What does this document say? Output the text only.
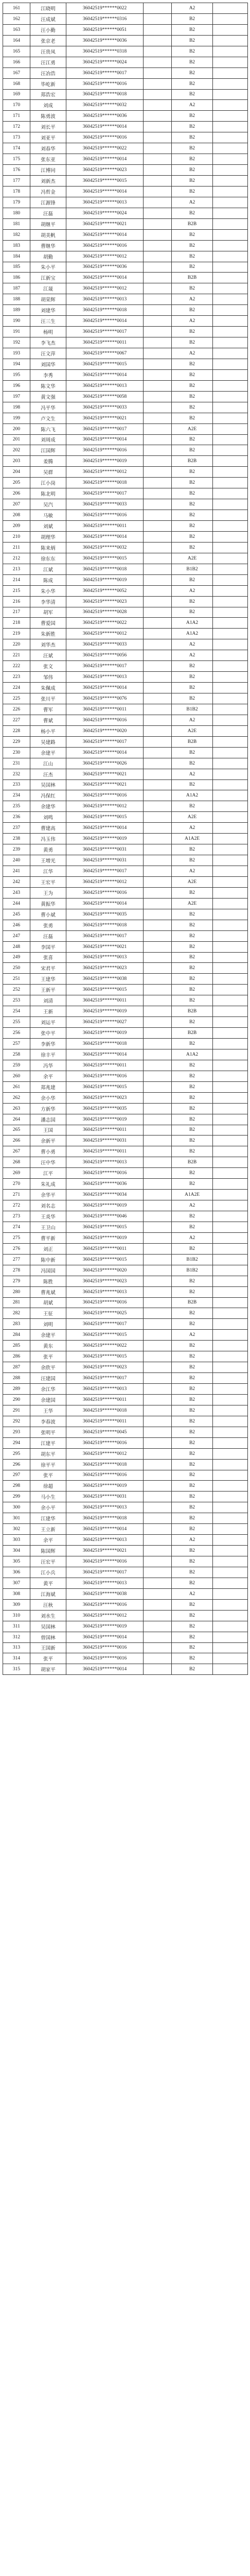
161	江晓明	36042519******0022	A2
162	汪成斌	36042519******0316	B2
163	汪小勤	36042519******0051	B2
164	张京老	36042519******0036	B2
165	汪贵凤	36042519******0318	B2
166	汪江勇	36042519******0024	B2
167	汪冶浩	36042519******0017	B2
168	毕屹新	36042519******0016	B2
169	郑浩宏	36042519******0018	B2
170	刘成	36042519******0032	A2
171	陈勇波	36042519******0036	B2
172	刘长平	36042519******0014	B2
173	刘亚平	36042519******0016	B2
174	刘春华	36042519******0022	B2
175	张东亚	36042519******0014	B2
176	江博同	36042519******0023	B2
177	刘新杰	36042519******0015	B2
178	冯哲金	36042519******0014	B2
179	江源锋	36042519******0013	A2
180	汪磊	36042519******0024	B2
181	胡继平	36042519******0021	B2B
182	胡美帆	36042519******0014	B2
183	曹继华	36042519******0016	B2
184	胡勤	36042519******0012	B2
185	朱小平	36042519******0036	B2
186	江新宝	36042519******0014	B2B
187	江晟	36042519******0012	B2
188	胡荣辉	36042519******0013	A2
189	刘建华	36042519******0018	B2
190	汪三生	36042519******0014	A2
191	杨明	36042519******0017	B2
192	李飞杰	36042519******0011	B2
193	汪文萍	36042519******0067	A2
194	刘国华	36042519******0015	B2
195	李秀	36042519******0014	B2
196	陈文华	36042519******0013	B2
197	黄文强	36042519******0058	B2
198	冯平华	36042519******0033	B2
199	卢文生	36042519******0021	B2
200	陈六飞	36042519******0017	A2E
201	刘周成	36042519******0014	B2
202	江国辉	36042519******0016	B2
203	姜腾	36042519******0019	B2B
204	吴群	36042519******0012	B2
205	江小岗	36042519******0018	B2
206	陈北明	36042519******0017	B2
207	吴汽	36042519******0033	B2
208	马敏	36042519******0016	B2
209	刘斌	36042519******0011	B2
210	胡理华	36042519******0014	B2
211	陈来炳	36042519******0032	B2
212	徐东东	36042519******0015	A2E
213	江斌	36042519******0018	B1B2
214	陈成	36042519******0019	B2
215	朱小华	36042519******0052	A2
216	李华清	36042519******0023	B2
217	胡军	36042519******0028	B2
218	曹爱国	36042519******0022	A1A2
219	朱新胜	36042519******0012	A1A2
220	刘华杰	36042519******0033	A2
221	汪斌	36042519******0056	A2
222	张文	36042519******0017	B2
223	邹伟	36042519******0013	B2
224	朱佩成	36042519******0014	B2
225	张川平	36042519******0076	B2
226	曹军	36042519******0011	B1B2
227	曹斌	36042519******0016	A2
228	杨小平	36042519******0020	A2E
229	吴建路	36042519******0017	B2B
230	余建平	36042519******0014	B2
231	江山	36042519******0026	B2
232	汪杰	36042519******0021	A2
233	吴国林	36042519******0021	B2
234	冯保红	36042519******0016	A1A2
235	余建华	36042519******0012	B2
236	刘鸣	36042519******0015	A2E
237	曹建高	36042519******0014	A2
238	冯玉伟	36042519******0019	A1A2E
239	黄勇	36042519******0031	B2
240	王增光	36042519******0031	B2
241	江华	36042519******0017	A2
242	王宏平	36042519******0012	A2E
243	王为	36042519******0016	B2
244	黄振华	36042519******0014	A2E
245	曹小斌	36042519******0035	B2
246	张勇	36042519******0018	B2
247	汪磊	36042519******0017	B2
248	李国平	36042519******0021	B2
249	张喜	36042519******0013	B2
250	宋君平	36042519******0023	B2
251	王建华	36042519******0038	B2
252	王新平	36042519******0015	B2
253	刘清	36042519******0011	B2
254	王新	36042519******0019	B2B
255	刘运平	36042519******0027	B2
256	张中平	36042519******0019	B2B
257	李新华	36042519******0018	B2
258	徐丰平	36042519******0014	A1A2
259	冯华	36042519******0011	B2
260	余平	36042519******0016	B2
261	郑兆建	36042519******0015	B2
262	余小华	36042519******0023	B2
263	方新华	36042519******0035	B2
264	潘志国	36042519******0019	B2
265	王国	36042519******0011	B2
266	余新平	36042519******0031	B2
267	曹小勇	36042519******0011	B2
268	汪中华	36042519******0013	B2B
269	江平	36042519******0016	B2
270	朱礼成	36042519******0036	B2
271	余华平	36042519******0034	A1A2E
272	刘名志	36042519******0019	A2
273	王炎华	36042519******0046	B2
274	王卫山	36042519******0015	B2
275	曹平新	36042519******0019	A2
276	刘正	36042519******0011	B2
277	陈中新	36042519******0015	B1B2
278	冯国国	36042519******0020	B1B2
279	陈胜	36042519******0023	B2
280	曹兆斌	36042519******0013	B2
281	胡斌	36042519******0016	B2B
282	王征	36042519******0025	B2
283	刘明	36042519******0017	B2
284	余建平	36042519******0015	A2
285	黄东	36042519******0022	B2
286	张平	36042519******0015	B2
287	余欣平	36042519******0023	B2
288	汪建国	36042519******0017	B2
289	余江华	36042519******0013	B2
290	余建国	36042519******0011	B2
291	王华	36042519******0018	B2
292	李春波	36042519******0011	B2
293	张明平	36042519******0045	B2
294	江建平	36042519******0016	B2
295	胡东平	36042519******0012	B2
296	徐平平	36042519******0018	B2
297	张平	36042519******0016	B2
298	徐超	36042519******0019	B2
299	马小生	36042519******0031	B2
300	余小平	36042519******0013	B2
301	江建华	36042519******0018	B2
302	王立新	36042519******0014	B2
303	余平	36042519******0013	A2
304	陈国辉	36042519******0021	B2
305	汪宏平	36042519******0016	B2
306	江小兵	36042519******0017	B2
307	黄平	36042519******0013	B2
308	江海斌	36042519******0038	A2
309	汪秋	36042519******0016	B2
310	刘水生	36042519******0012	B2
311	吴国林	36042519******0019	B2
312	曾国林	36042519******0014	B2
313	王国新	36042519******0016	B2
314	张平	36042519******0016	B2
315	胡家平	36042519******0014	B2
